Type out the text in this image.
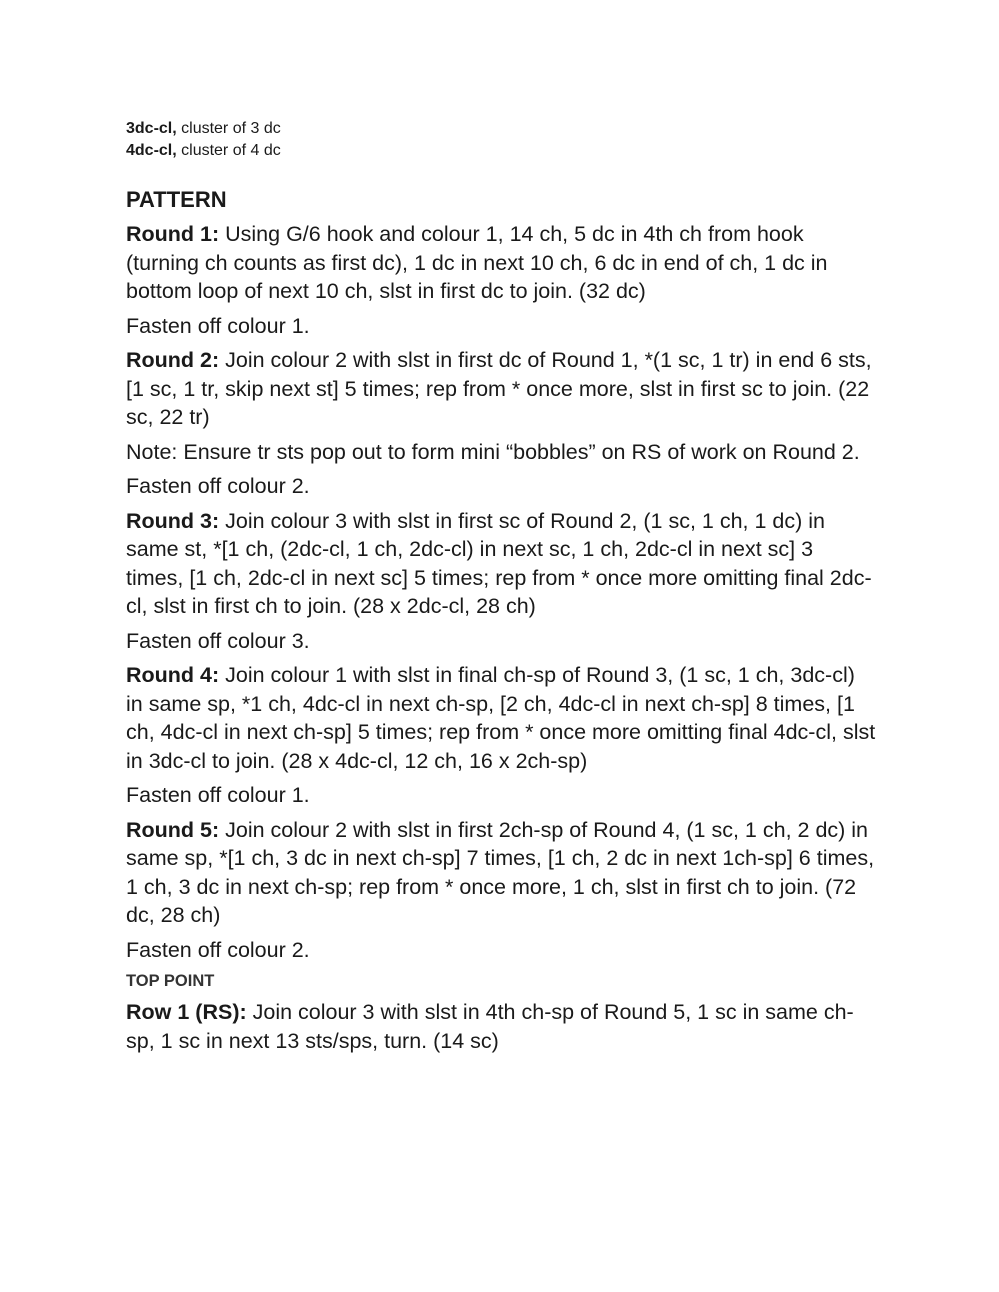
3dc-cl, cluster of 3 dc
4dc-cl, cluster of 4 dc
PATTERN

Round 1: Using G/6 hook and colour 1, 14 ch, 5 dc in 4th ch from hook (turning ch counts as first dc), 1 dc in next 10 ch, 6 dc in end of ch, 1 dc in bottom loop of next 10 ch, slst in first dc to join. (32 dc)

Fasten off colour 1.

Round 2: Join colour 2 with slst in first dc of Round 1, *(1 sc, 1 tr) in end 6 sts, [1 sc, 1 tr, skip next st] 5 times; rep from * once more, slst in first sc to join. (22 sc, 22 tr)

Note: Ensure tr sts pop out to form mini “bobbles” on RS of work on Round 2.

Fasten off colour 2.

Round 3: Join colour 3 with slst in first sc of Round 2, (1 sc, 1 ch, 1 dc) in same st, *[1 ch, (2dc-cl, 1 ch, 2dc-cl) in next sc, 1 ch, 2dc-cl in next sc] 3 times, [1 ch, 2dc-cl in next sc] 5 times; rep from * once more omitting final 2dc-cl, slst in first ch to join. (28 x 2dc-cl, 28 ch)

Fasten off colour 3.

Round 4: Join colour 1 with slst in final ch-sp of Round 3, (1 sc, 1 ch, 3dc-cl) in same sp, *1 ch, 4dc-cl in next ch-sp, [2 ch, 4dc-cl in next ch-sp] 8 times, [1 ch, 4dc-cl in next ch-sp] 5 times; rep from * once more omitting final 4dc-cl, slst in 3dc-cl to join. (28 x 4dc-cl, 12 ch, 16 x 2ch-sp)

Fasten off colour 1.

Round 5: Join colour 2 with slst in first 2ch-sp of Round 4, (1 sc, 1 ch, 2 dc) in same sp, *[1 ch, 3 dc in next ch-sp] 7 times, [1 ch, 2 dc in next 1ch-sp] 6 times, 1 ch, 3 dc in next ch-sp; rep from * once more, 1 ch, slst in first ch to join. (72 dc, 28 ch)

Fasten off colour 2.

TOP POINT

Row 1 (RS): Join colour 3 with slst in 4th ch-sp of Round 5, 1 sc in same ch-sp, 1 sc in next 13 sts/sps, turn. (14 sc)
